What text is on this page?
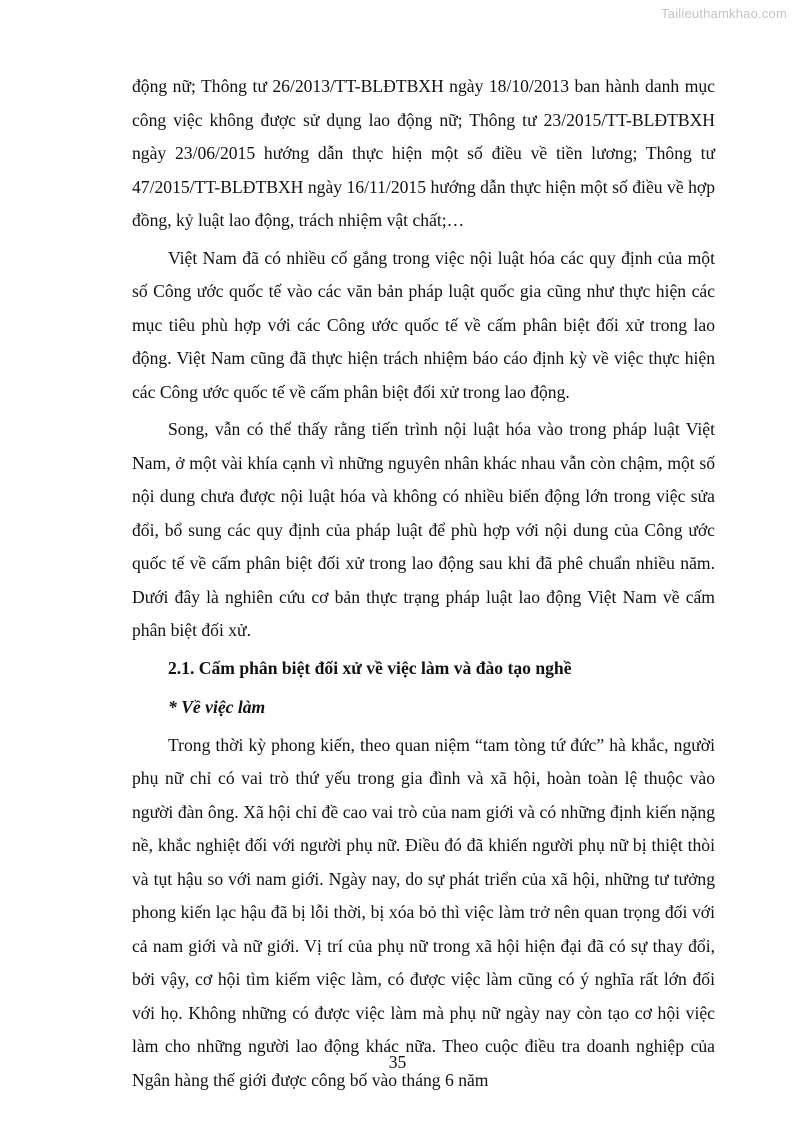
Tailieuthamkhao.com

động nữ; Thông tư 26/2013/TT-BLĐTBXH ngày 18/10/2013 ban hành danh mục công việc không được sử dụng lao động nữ; Thông tư 23/2015/TT-BLĐTBXH ngày 23/06/2015 hướng dẫn thực hiện một số điều về tiền lương; Thông tư 47/2015/TT-BLĐTBXH ngày 16/11/2015 hướng dẫn thực hiện một số điều về hợp đồng, kỷ luật lao động, trách nhiệm vật chất;…

Việt Nam đã có nhiều cố gắng trong việc nội luật hóa các quy định của một số Công ước quốc tế vào các văn bản pháp luật quốc gia cũng như thực hiện các mục tiêu phù hợp với các Công ước quốc tế về cấm phân biệt đối xử trong lao động. Việt Nam cũng đã thực hiện trách nhiệm báo cáo định kỳ về việc thực hiện các Công ước quốc tế về cấm phân biệt đối xử trong lao động.

Song, vẫn có thể thấy rằng tiến trình nội luật hóa vào trong pháp luật Việt Nam, ở một vài khía cạnh vì những nguyên nhân khác nhau vẫn còn chậm, một số nội dung chưa được nội luật hóa và không có nhiều biến động lớn trong việc sửa đổi, bổ sung các quy định của pháp luật để phù hợp với nội dung của Công ước quốc tế về cấm phân biệt đối xử trong lao động sau khi đã phê chuẩn nhiều năm. Dưới đây là nghiên cứu cơ bản thực trạng pháp luật lao động Việt Nam về cấm phân biệt đối xử.

2.1. Cấm phân biệt đối xử về việc làm và đào tạo nghề
* Về việc làm

Trong thời kỳ phong kiến, theo quan niệm “tam tòng tứ đức” hà khắc, người phụ nữ chỉ có vai trò thứ yếu trong gia đình và xã hội, hoàn toàn lệ thuộc vào người đàn ông. Xã hội chỉ đề cao vai trò của nam giới và có những định kiến nặng nề, khắc nghiệt đối với người phụ nữ. Điều đó đã khiến người phụ nữ bị thiệt thòi và tụt hậu so với nam giới. Ngày nay, do sự phát triển của xã hội, những tư tưởng phong kiến lạc hậu đã bị lỗi thời, bị xóa bỏ thì việc làm trở nên quan trọng đối với cả nam giới và nữ giới. Vị trí của phụ nữ trong xã hội hiện đại đã có sự thay đổi, bởi vậy, cơ hội tìm kiếm việc làm, có được việc làm cũng có ý nghĩa rất lớn đối với họ. Không những có được việc làm mà phụ nữ ngày nay còn tạo cơ hội việc làm cho những người lao động khác nữa. Theo cuộc điều tra doanh nghiệp của Ngân hàng thế giới được công bố vào tháng 6 năm

35
